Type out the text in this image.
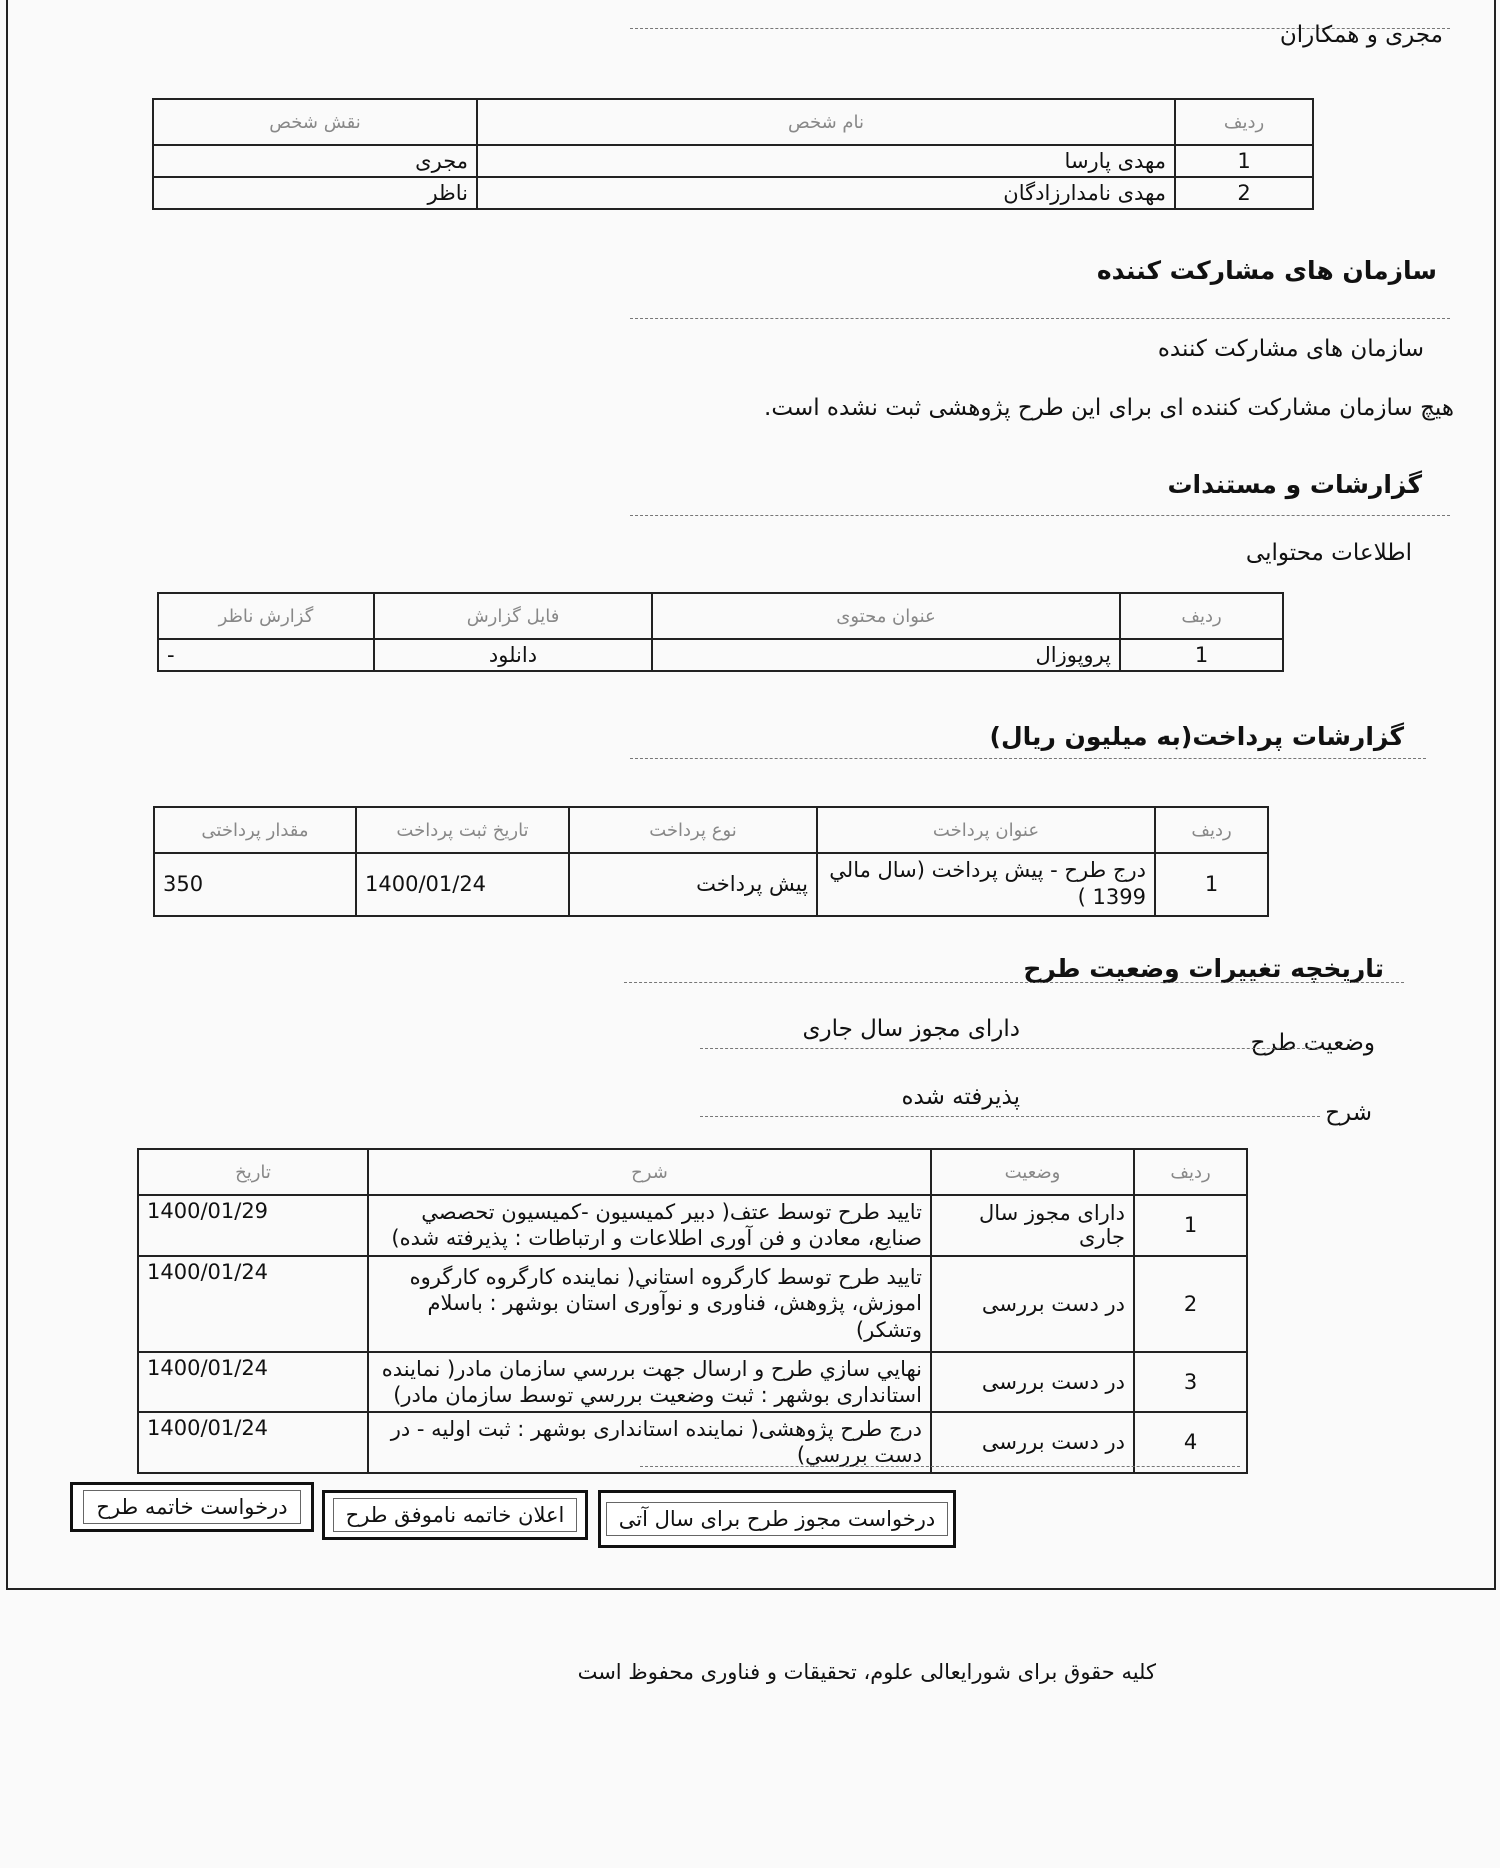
مجری و همکاران
ردیف	نام شخص	نقش شخص
1	مهدی پارسا	مجری
2	مهدی نامدارزادگان	ناظر
سازمان های مشارکت کننده
سازمان های مشارکت کننده
هیچ سازمان مشارکت کننده ای برای این طرح پژوهشی ثبت نشده است.
گزارشات و مستندات
اطلاعات محتوایی
ردیف	عنوان محتوی	فایل گزارش	گزارش ناظر
1	پروپوزال	دانلود	-
گزارشات پرداخت(به میلیون ریال)
ردیف	عنوان پرداخت	نوع پرداخت	تاریخ ثبت پرداخت	مقدار پرداختی
1	درج طرح - پیش پرداخت (سال مالي 1399 )	پیش پرداخت	1400/01/24	350
تاریخچه تغییرات وضعیت طرح
وضعیت طرح
دارای مجوز سال جاری
شرح
پذیرفته شده
ردیف	وضعیت	شرح	تاریخ
1	دارای مجوز سال جاری	تایید طرح توسط عتف( دبیر کمیسیون -کمیسیون تحصصي صنایع، معادن و فن آوری اطلاعات و ارتباطات : پذیرفته شده)	1400/01/29
2	در دست بررسی	تایید طرح توسط کارگروه استاني( نماینده کارگروه کارگروه اموزش، پژوهش، فناوری و نوآوری استان بوشهر : باسلام وتشکر)	1400/01/24
3	در دست بررسی	نهایي سازي طرح و ارسال جهت بررسي سازمان مادر( نماینده استانداری بوشهر : ثبت وضعیت بررسي توسط سازمان مادر)	1400/01/24
4	در دست بررسی	درج طرح پژوهشی( نماینده استانداری بوشهر : ثبت اولیه - در دست بررسي)	1400/01/24
درخواست مجوز طرح برای سال آتی
اعلان خاتمه ناموفق طرح
درخواست خاتمه طرح
کلیه حقوق برای شورایعالی علوم، تحقیقات و فناوری محفوظ است
